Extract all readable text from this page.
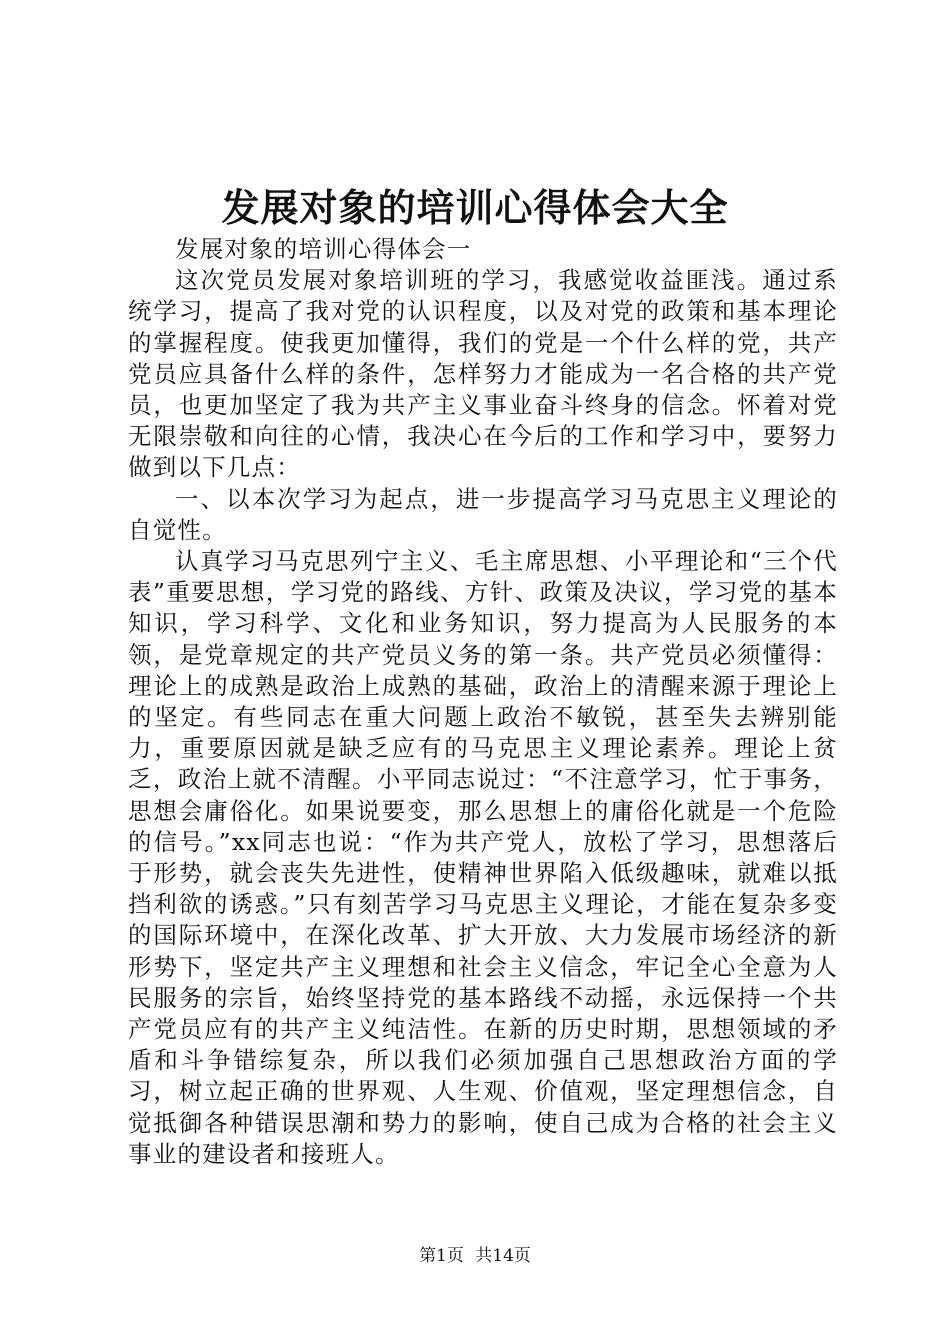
发展对象的培训心得体会大全

发展对象的培训心得体会一

这次党员发展对象培训班的学习，我感觉收益匪浅。通过系统学习，提高了我对党的认识程度，以及对党的政策和基本理论的掌握程度。使我更加懂得，我们的党是一个什么样的党，共产党员应具备什么样的条件，怎样努力才能成为一名合格的共产党员，也更加坚定了我为共产主义事业奋斗终身的信念。怀着对党无限崇敬和向往的心情，我决心在今后的工作和学习中，要努力做到以下几点：

一、以本次学习为起点，进一步提高学习马克思主义理论的自觉性。

认真学习马克思列宁主义、毛主席思想、小平理论和“三个代表”重要思想，学习党的路线、方针、政策及决议，学习党的基本知识，学习科学、文化和业务知识，努力提高为人民服务的本领，是党章规定的共产党员义务的第一条。共产党员必须懂得：理论上的成熟是政治上成熟的基础，政治上的清醒来源于理论上的坚定。有些同志在重大问题上政治不敏锐，甚至失去辨别能力，重要原因就是缺乏应有的马克思主义理论素养。理论上贫乏，政治上就不清醒。小平同志说过：“不注意学习，忙于事务，思想会庸俗化。如果说要变，那么思想上的庸俗化就是一个危险的信号。”xx同志也说：“作为共产党人，放松了学习，思想落后于形势，就会丧失先进性，使精神世界陷入低级趣味，就难以抵挡利欲的诱惑。”只有刻苦学习马克思主义理论，才能在复杂多变的国际环境中，在深化改革、扩大开放、大力发展市场经济的新形势下，坚定共产主义理想和社会主义信念，牢记全心全意为人民服务的宗旨，始终坚持党的基本路线不动摇，永远保持一个共产党员应有的共产主义纯洁性。在新的历史时期，思想领域的矛盾和斗争错综复杂，所以我们必须加强自己思想政治方面的学习，树立起正确的世界观、人生观、价值观，坚定理想信念，自觉抵御各种错误思潮和势力的影响，使自己成为合格的社会主义事业的建设者和接班人。

第1页 共14页
